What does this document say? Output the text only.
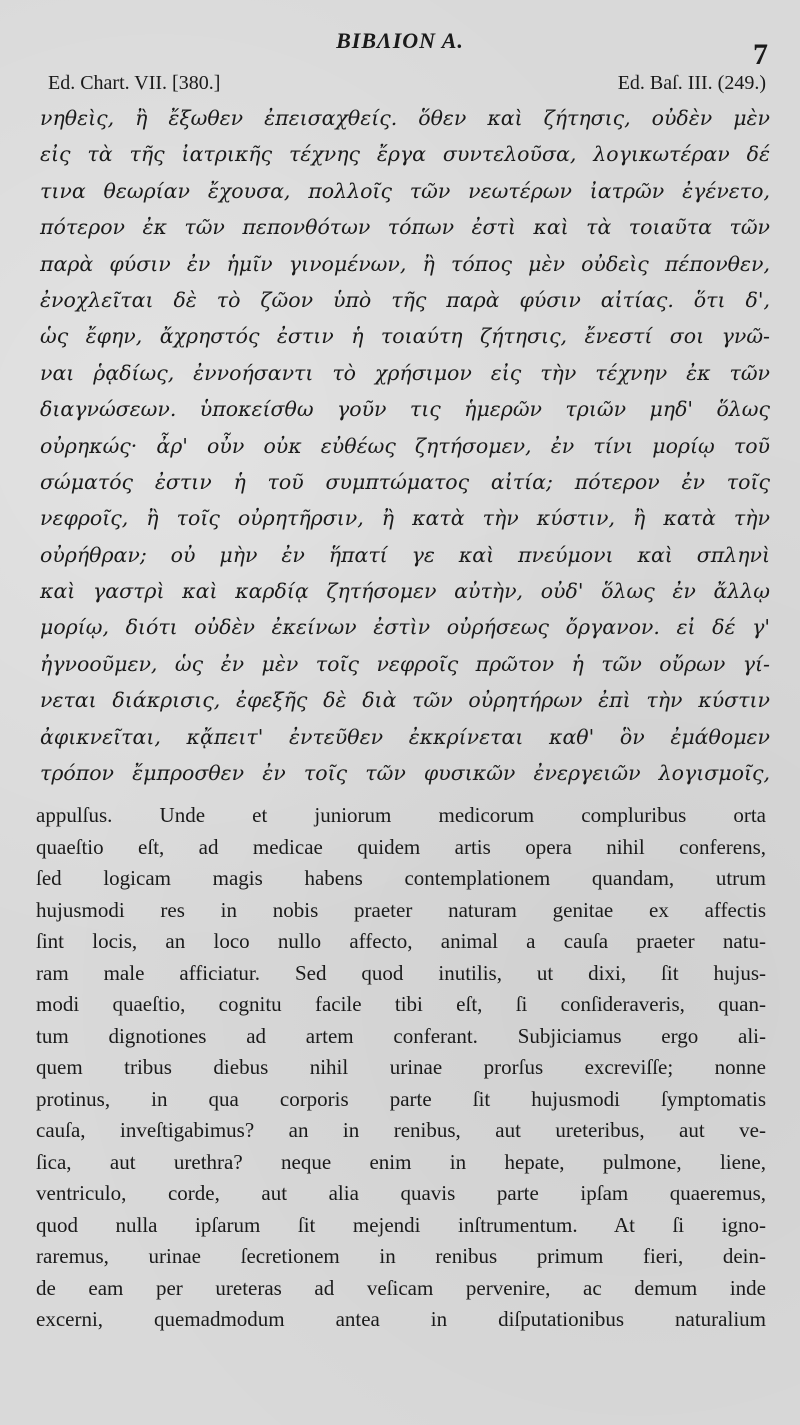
ΒΙΒΛΙΟΝ Α.	7
Ed. Chart. VII. [380.]	Ed. Baſ. III. (249.)
νηθεὶς, ἢ ἔξωθεν ἐπεισαχθείς. ὅθεν καὶ ζήτησις, οὐδὲν μὲν
εἰς τὰ τῆς ἰατρικῆς τέχνης ἔργα συντελοῦσα, λογικωτέραν δέ
τινα θεωρίαν ἔχουσα, πολλοῖς τῶν νεωτέρων ἰατρῶν ἐγένετο,
πότερον ἐκ τῶν πεπονθότων τόπων ἐστὶ καὶ τὰ τοιαῦτα τῶν
παρὰ φύσιν ἐν ἡμῖν γινομένων, ἢ τόπος μὲν οὐδεὶς πέπονθεν,
ἐνοχλεῖται δὲ τὸ ζῶον ὑπὸ τῆς παρὰ φύσιν αἰτίας. ὅτι δ',
ὡς ἔφην, ἄχρηστός ἐστιν ἡ τοιαύτη ζήτησις, ἔνεστί σοι γνῶ-
ναι ῥᾳδίως, ἐννοήσαντι τὸ χρήσιμον εἰς τὴν τέχνην ἐκ τῶν
διαγνώσεων. ὑποκείσθω γοῦν τις ἡμερῶν τριῶν μηδ' ὅλως
οὐρηκώς· ἆρ' οὖν οὐκ εὐθέως ζητήσομεν, ἐν τίνι μορίῳ τοῦ
σώματός ἐστιν ἡ τοῦ συμπτώματος αἰτία; πότερον ἐν τοῖς
νεφροῖς, ἢ τοῖς οὐρητῆρσιν, ἢ κατὰ τὴν κύστιν, ἢ κατὰ τὴν
οὐρήθραν; οὐ μὴν ἐν ἥπατί γε καὶ πνεύμονι καὶ σπληνὶ
καὶ γαστρὶ καὶ καρδίᾳ ζητήσομεν αὐτὴν, οὐδ' ὅλως ἐν ἄλλῳ
μορίῳ, διότι οὐδὲν ἐκείνων ἐστὶν οὐρήσεως ὄργανον. εἰ δέ γ'
ἠγνοοῦμεν, ὡς ἐν μὲν τοῖς νεφροῖς πρῶτον ἡ τῶν οὔρων γί-
νεται διάκρισις, ἐφεξῆς δὲ διὰ τῶν οὐρητήρων ἐπὶ τὴν κύστιν
ἀφικνεῖται, κᾄπειτ' ἐντεῦθεν ἐκκρίνεται καθ' ὃν ἐμάθομεν
τρόπον ἔμπροσθεν ἐν τοῖς τῶν φυσικῶν ἐνεργειῶν λογισμοῖς,
appulſus. Unde et juniorum medicorum compluribus orta
quaeſtio eſt, ad medicae quidem artis opera nihil conferens,
ſed logicam magis habens contemplationem quandam, utrum
hujusmodi res in nobis praeter naturam genitae ex affectis
ſint locis, an loco nullo affecto, animal a cauſa praeter natu-
ram male afficiatur. Sed quod inutilis, ut dixi, ſit hujus-
modi quaeſtio, cognitu facile tibi eſt, ſi conſideraveris, quan-
tum dignotiones ad artem conferant. Subjiciamus ergo ali-
quem tribus diebus nihil urinae prorſus excreviſſe; nonne
protinus, in qua corporis parte ſit hujusmodi ſymptomatis
cauſa, inveſtigabimus? an in renibus, aut ureteribus, aut ve-
ſica, aut urethra? neque enim in hepate, pulmone, liene,
ventriculo, corde, aut alia quavis parte ipſam quaeremus,
quod nulla ipſarum ſit mejendi inſtrumentum. At ſi igno-
raremus, urinae ſecretionem in renibus primum fieri, dein-
de eam per ureteras ad veſicam pervenire, ac demum inde
excerni, quemadmodum antea in diſputationibus naturalium
